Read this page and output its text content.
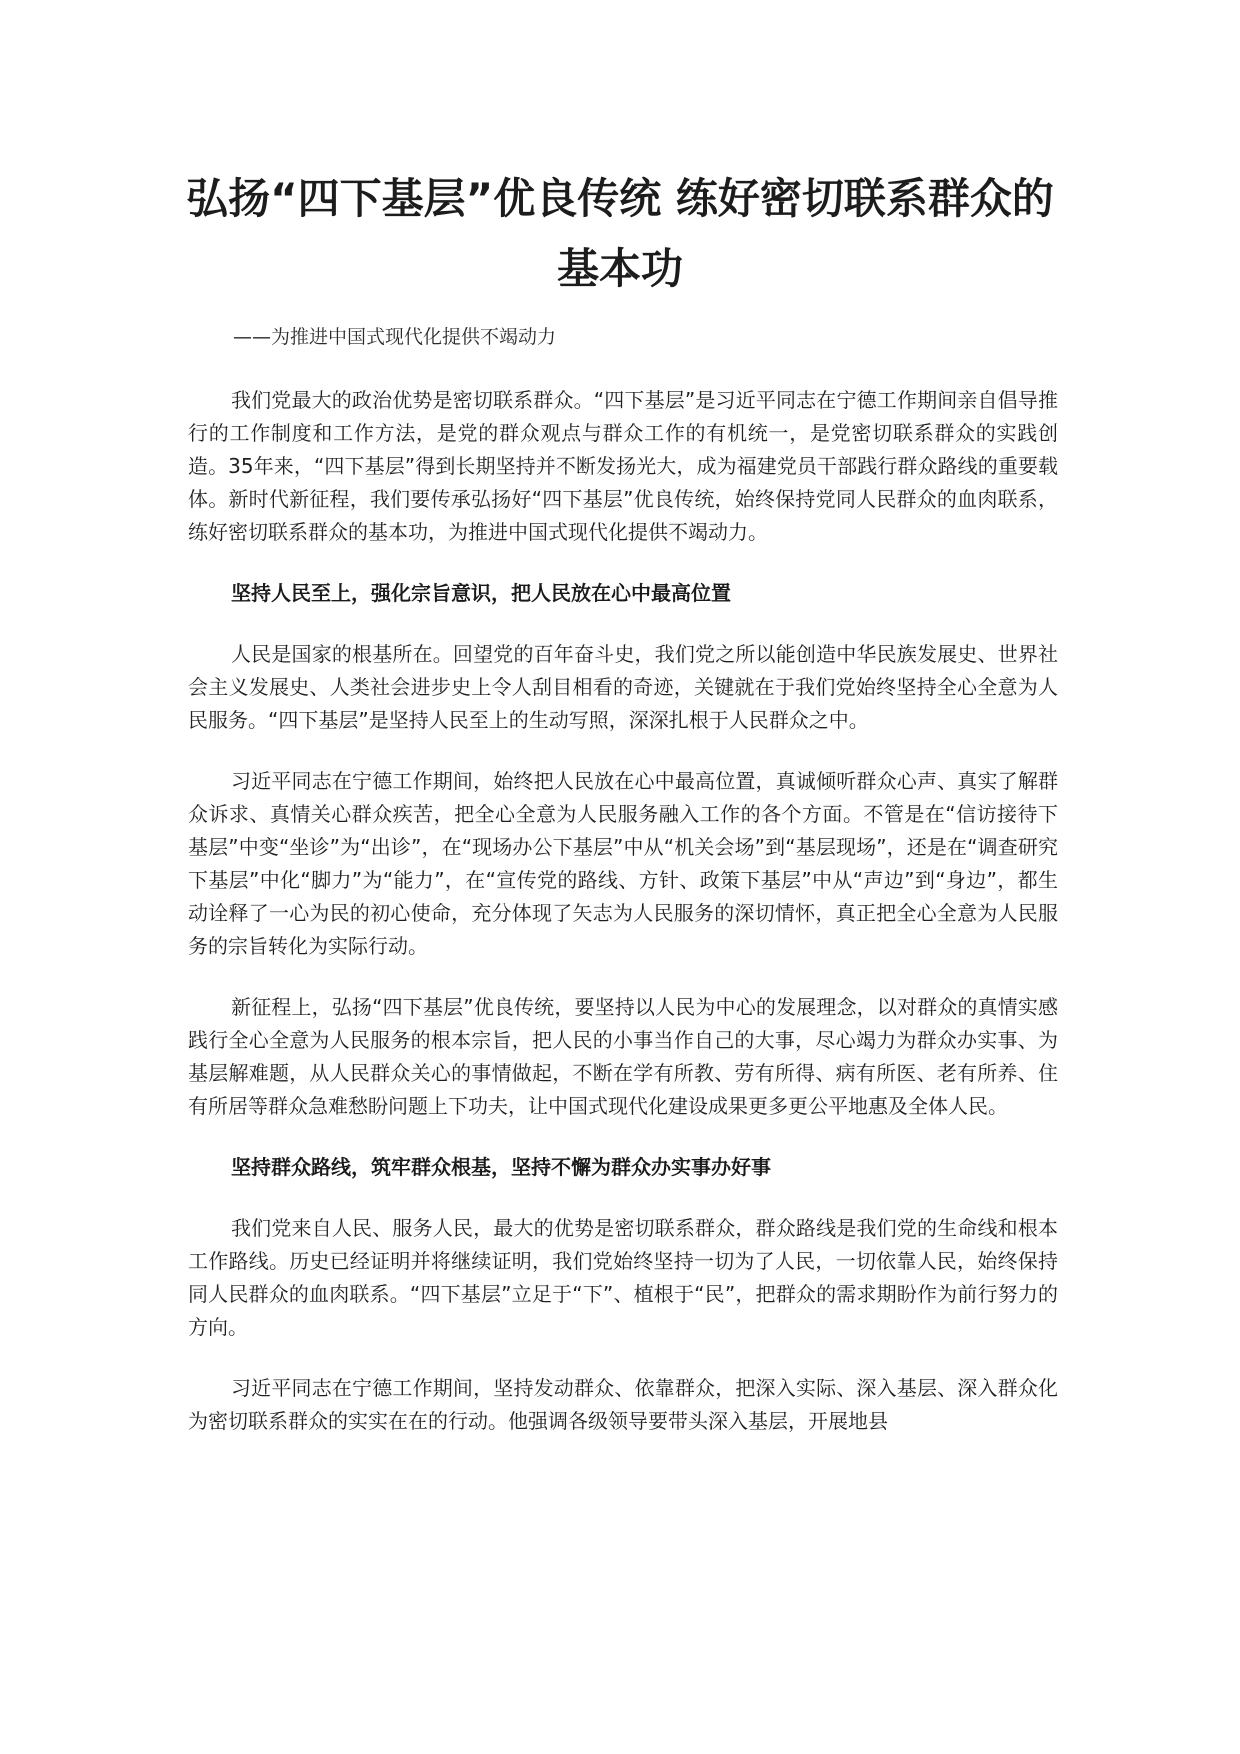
弘扬“四下基层”优良传统 练好密切联系群众的
基本功

——为推进中国式现代化提供不竭动力

我们党最大的政治优势是密切联系群众。“四下基层”是习近平同志在宁德工作期间亲自倡导推行的工作制度和工作方法，是党的群众观点与群众工作的有机统一，是党密切联系群众的实践创造。35年来，“四下基层”得到长期坚持并不断发扬光大，成为福建党员干部践行群众路线的重要载体。新时代新征程，我们要传承弘扬好“四下基层”优良传统，始终保持党同人民群众的血肉联系，练好密切联系群众的基本功，为推进中国式现代化提供不竭动力。

坚持人民至上，强化宗旨意识，把人民放在心中最高位置

人民是国家的根基所在。回望党的百年奋斗史，我们党之所以能创造中华民族发展史、世界社会主义发展史、人类社会进步史上令人刮目相看的奇迹，关键就在于我们党始终坚持全心全意为人民服务。“四下基层”是坚持人民至上的生动写照，深深扎根于人民群众之中。

习近平同志在宁德工作期间，始终把人民放在心中最高位置，真诚倾听群众心声、真实了解群众诉求、真情关心群众疾苦，把全心全意为人民服务融入工作的各个方面。不管是在“信访接待下基层”中变“坐诊”为“出诊”，在“现场办公下基层”中从“机关会场”到“基层现场”，还是在“调查研究下基层”中化“脚力”为“能力”，在“宣传党的路线、方针、政策下基层”中从“声边”到“身边”，都生动诠释了一心为民的初心使命，充分体现了矢志为人民服务的深切情怀，真正把全心全意为人民服务的宗旨转化为实际行动。

新征程上，弘扬“四下基层”优良传统，要坚持以人民为中心的发展理念，以对群众的真情实感践行全心全意为人民服务的根本宗旨，把人民的小事当作自己的大事，尽心竭力为群众办实事、为基层解难题，从人民群众关心的事情做起，不断在学有所教、劳有所得、病有所医、老有所养、住有所居等群众急难愁盼问题上下功夫，让中国式现代化建设成果更多更公平地惠及全体人民。

坚持群众路线，筑牢群众根基，坚持不懈为群众办实事办好事

我们党来自人民、服务人民，最大的优势是密切联系群众，群众路线是我们党的生命线和根本工作路线。历史已经证明并将继续证明，我们党始终坚持一切为了人民，一切依靠人民，始终保持同人民群众的血肉联系。“四下基层”立足于“下”、植根于“民”，把群众的需求期盼作为前行努力的方向。

习近平同志在宁德工作期间，坚持发动群众、依靠群众，把深入实际、深入基层、深入群众化为密切联系群众的实实在在的行动。他强调各级领导要带头深入基层，开展地县
